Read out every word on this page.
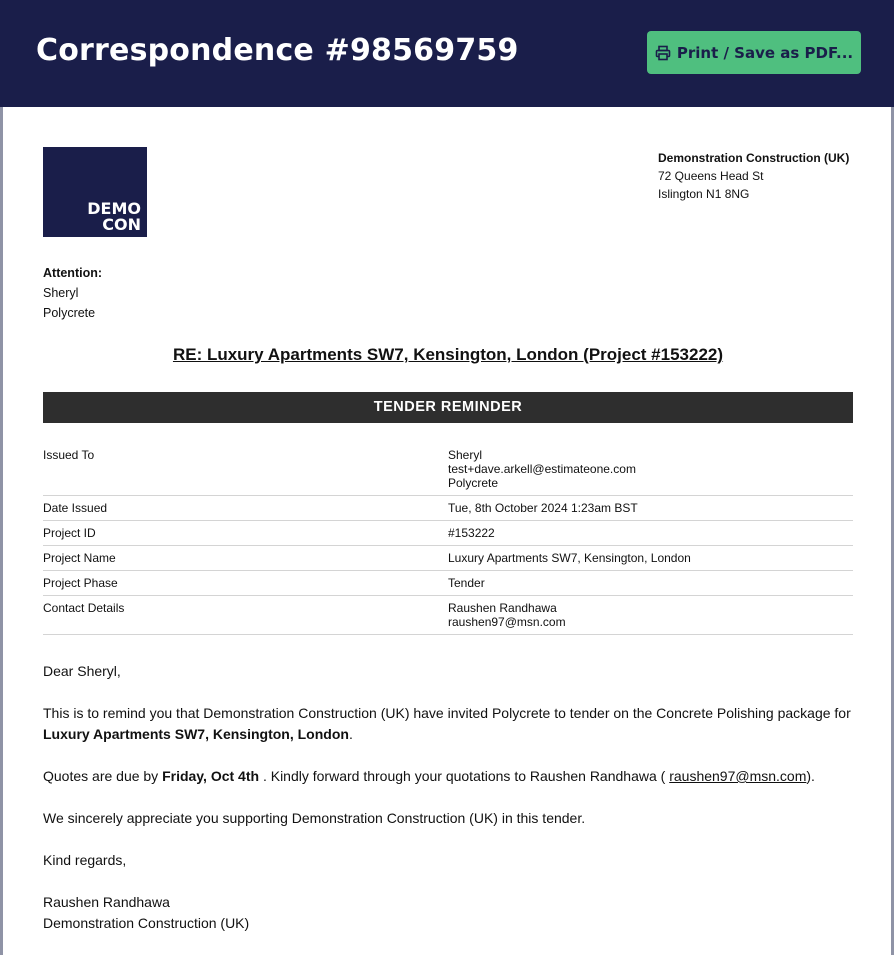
Correspondence #98569759	Print / Save as PDF...
DEMO
CON
Demonstration Construction (UK)
72 Queens Head St
Islington N1 8NG
Attention:
Sheryl
Polycrete
RE: Luxury Apartments SW7, Kensington, London (Project #153222)
TENDER REMINDER
Issued To	Sheryl
test+dave.arkell@estimateone.com
Polycrete

Date Issued	Tue, 8th October 2024 1:23am BST
Project ID	#153222
Project Name	Luxury Apartments SW7, Kensington, London
Project Phase	Tender
Contact Details	Raushen Randhawa
raushen97@msn.com

Dear Sheryl,

This is to remind you that Demonstration Construction (UK) have invited Polycrete to tender on the Concrete Polishing package for Luxury Apartments SW7, Kensington, London.

Quotes are due by Friday, Oct 4th . Kindly forward through your quotations to Raushen Randhawa ( raushen97@msn.com).

We sincerely appreciate you supporting Demonstration Construction (UK) in this tender.

Kind regards,

Raushen Randhawa

Demonstration Construction (UK)
